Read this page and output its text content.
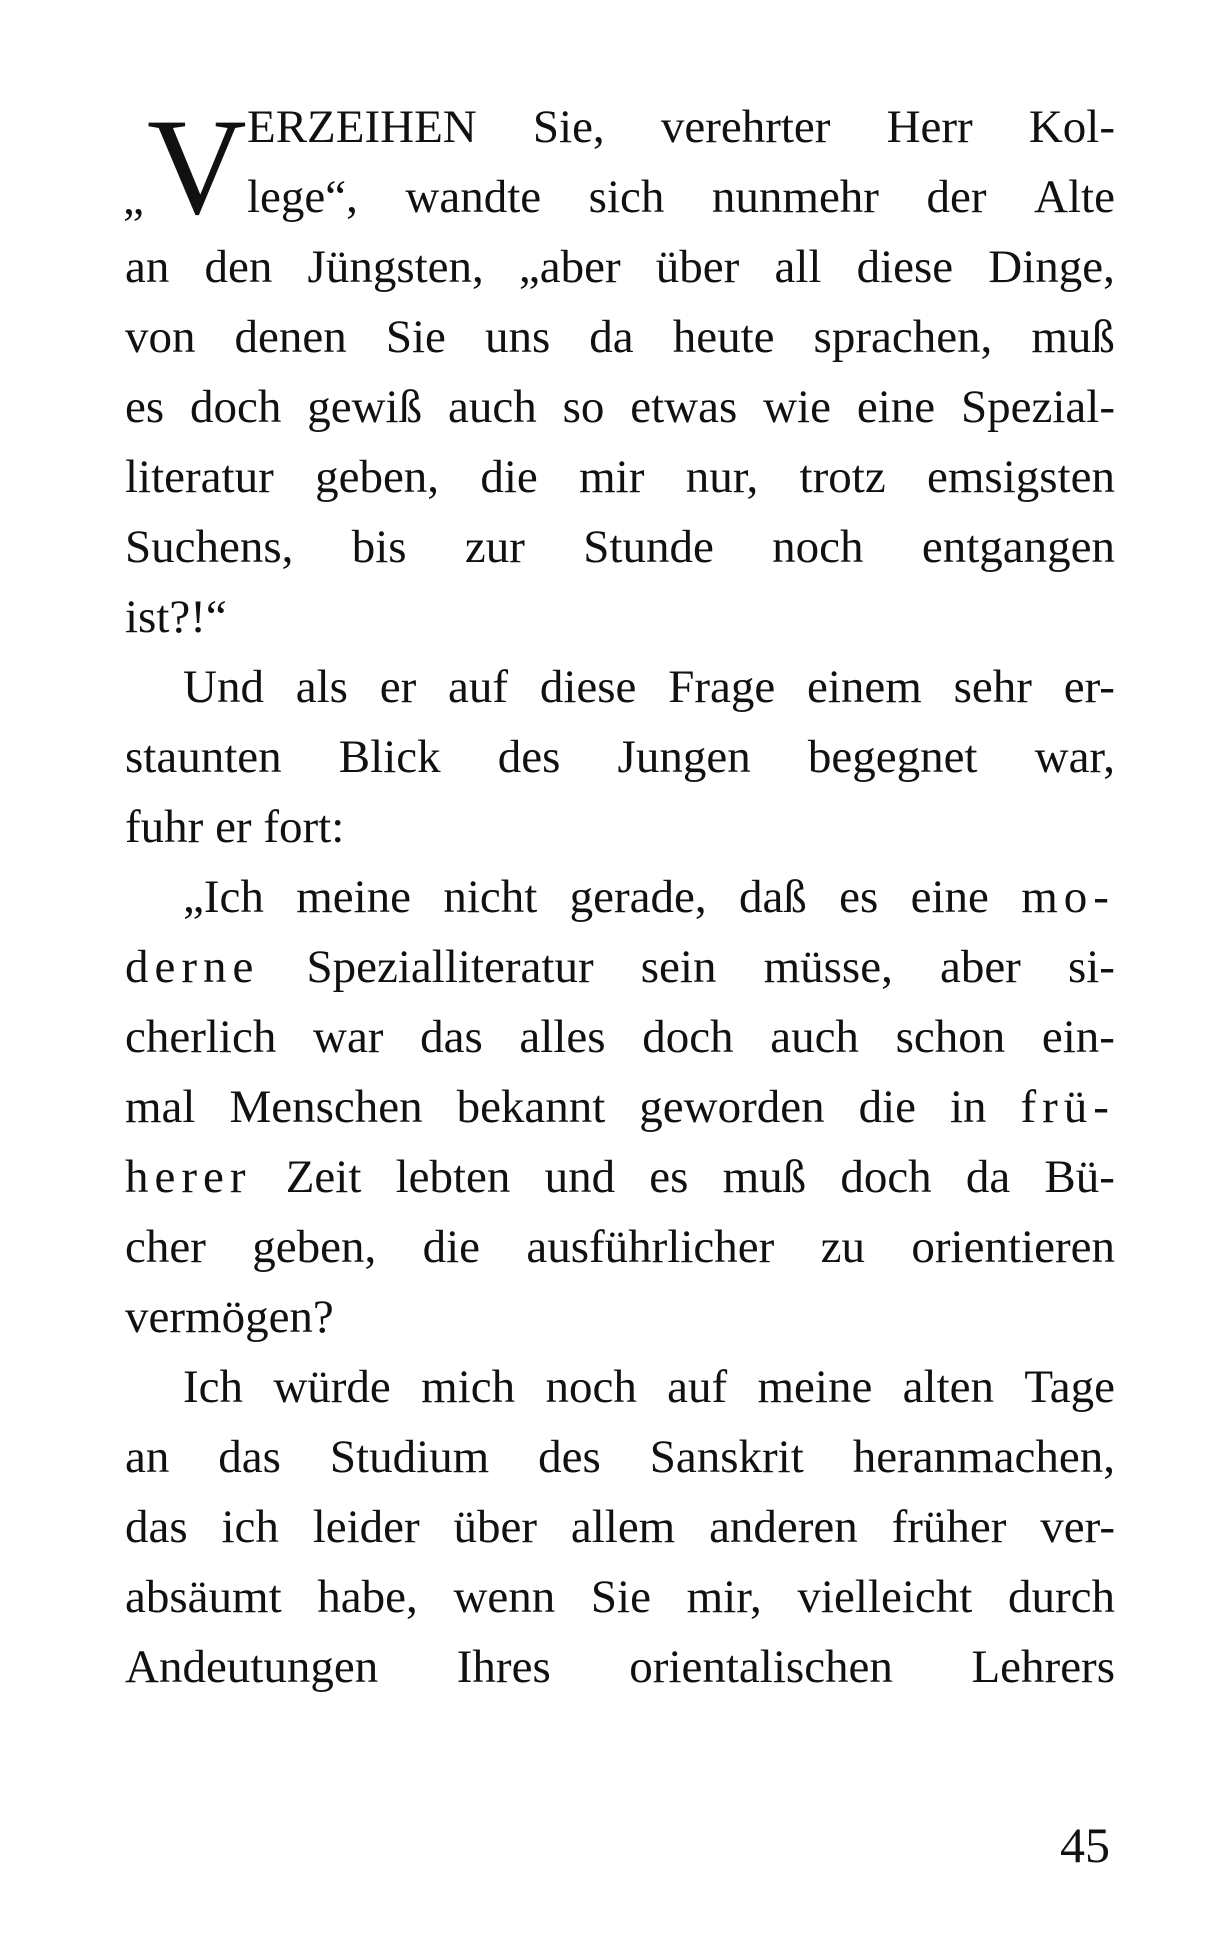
V
„
ERZEIHEN Sie, verehrter Herr Kol-
lege“, wandte sich nunmehr der Alte
an den Jüngsten, „aber über all diese Dinge,
von denen Sie uns da heute sprachen, muß
es doch gewiß auch so etwas wie eine Spezial-
literatur geben, die mir nur, trotz emsigsten
Suchens, bis zur Stunde noch entgangen
ist?!“
Und als er auf diese Frage einem sehr er-
staunten Blick des Jungen begegnet war,
fuhr er fort:
„Ich meine nicht gerade, daß es eine mo-
derne Spezialliteratur sein müsse, aber si-
cherlich war das alles doch auch schon ein-
mal Menschen bekannt geworden die in frü-
herer Zeit lebten und es muß doch da Bü-
cher geben, die ausführlicher zu orientieren
vermögen?
Ich würde mich noch auf meine alten Tage
an das Studium des Sanskrit heranmachen,
das ich leider über allem anderen früher ver-
absäumt habe, wenn Sie mir, vielleicht durch
Andeutungen Ihres orientalischen Lehrers
45
